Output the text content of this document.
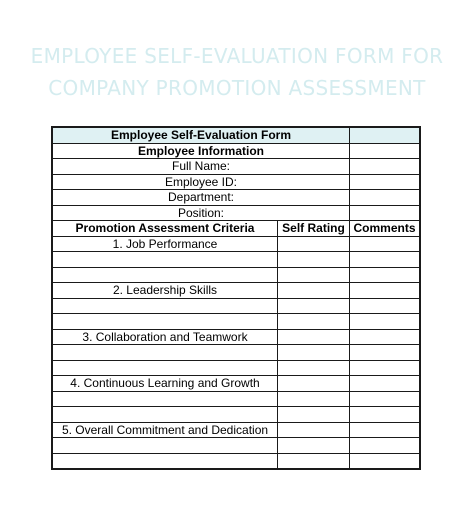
EMPLOYEE SELF-EVALUATION FORM FOR
COMPANY PROMOTION ASSESSMENT
Employee Self-Evaluation Form		
Employee Information		
Full Name:		
Employee ID:		
Department:		
Position:		
Promotion Assessment Criteria	Self Rating	Comments
1. Job Performance		

2. Leadership Skills		

3. Collaboration and Teamwork		

4. Continuous Learning and Growth		

5. Overall Commitment and Dedication		
